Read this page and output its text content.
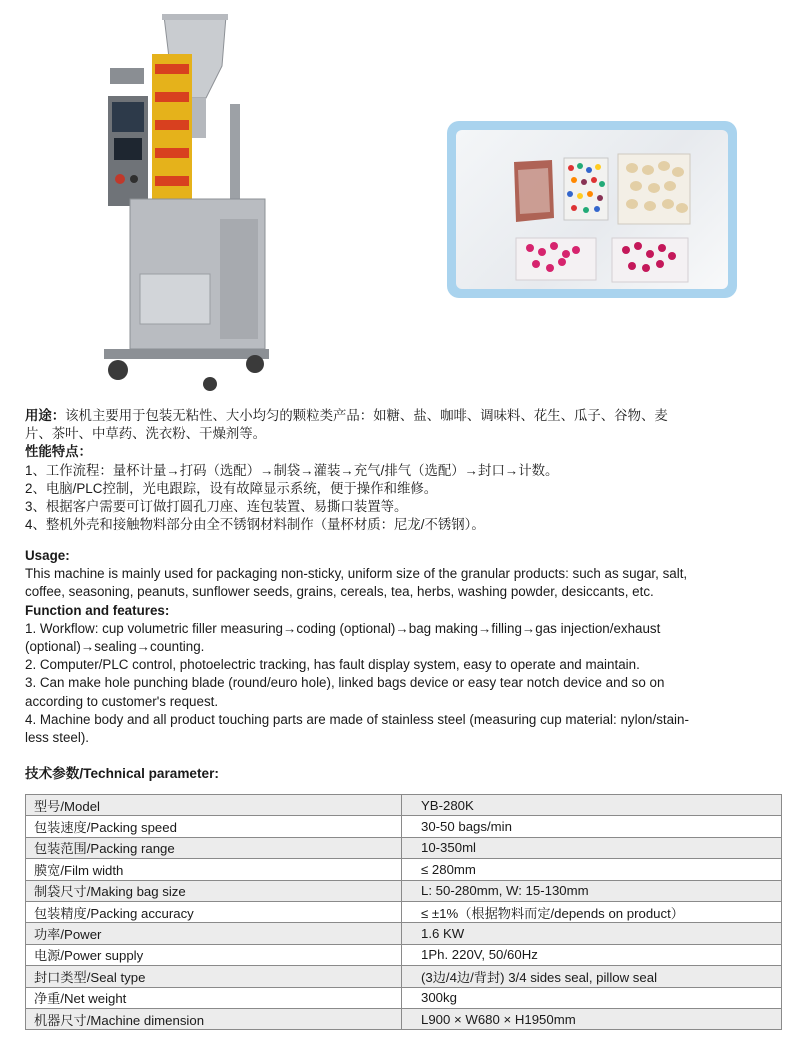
用途：该机主要用于包装无粘性、大小均匀的颗粒类产品：如糖、盐、咖啡、调味料、花生、瓜子、谷物、麦
片、茶叶、中草药、洗衣粉、干燥剂等。
性能特点：
1、工作流程：量杯计量→打码（选配）→制袋→灌装→充气/排气（选配）→封口→计数。
2、电脑/PLC控制，光电跟踪，设有故障显示系统，便于操作和维修。
3、根据客户需要可订做打圆孔刀座、连包装置、易撕口装置等。
4、整机外壳和接触物料部分由全不锈钢材料制作（量杯材质：尼龙/不锈钢）。
Usage:
This machine is mainly used for packaging non-sticky, uniform size of the granular products: such as sugar, salt,
coffee, seasoning, peanuts, sunflower seeds, grains, cereals, tea, herbs, washing powder, desiccants, etc.
Function and features:
1. Workflow: cup volumetric filler measuring→coding (optional)→bag making→filling→gas injection/exhaust
(optional)→sealing→counting.
2. Computer/PLC control, photoelectric tracking, has fault display system, easy to operate and maintain.
3. Can make hole punching blade (round/euro hole), linked bags device or easy tear notch device and so on
according to customer's request.
4. Machine body and all product touching parts are made of stainless steel (measuring cup material: nylon/stain-
less steel).
技术参数/Technical parameter:
型号/Model	YB-280K
包装速度/Packing speed	30-50 bags/min
包装范围/Packing range	10-350ml
膜宽/Film width	≤ 280mm
制袋尺寸/Making bag size	L: 50-280mm, W: 15-130mm
包装精度/Packing accuracy	≤ ±1%（根据物料而定/depends on product）
功率/Power	1.6 KW
电源/Power supply	1Ph. 220V, 50/60Hz
封口类型/Seal type	(3边/4边/背封) 3/4 sides seal, pillow seal
净重/Net weight	300kg
机器尺寸/Machine dimension	L900 × W680 × H1950mm
